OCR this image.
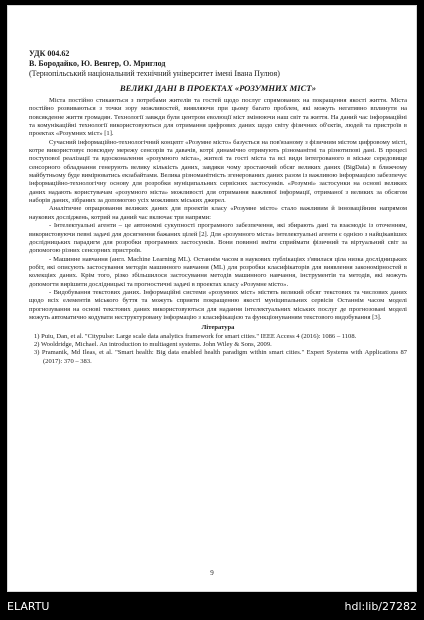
УДК 004.62

В. Бородайко, Ю. Венгер, О. Мриглод

(Тернопільський національний технічний університет імені Івана Пулюя)

ВЕЛИКІ ДАНІ В ПРОЕКТАХ «РОЗУМНИХ МІСТ»

Міста постійно стикаються з потребами жителів та гостей щодо послуг спрямованих на покращення якості життя. Міста постійно розвиваються з точки зору можливостей, виявляючи при цьому багато проблем, які можуть негативно вплинути на повсякденне життя громадян. Технології завжди були центром еволюції міст змінюючи наш світ та життя. На даний час інформаційні та комунікаційні технології використовуються для отримання цифрових даних щодо світу фізичних об'єктів, людей та пристроїв в проектах «Розумних міст» [1].

Сучасний інформаційно-технологічний концепт «Розумне місто» базується на пов'язаному з фізичним містом цифровому місті, котре використовує повсюдну мережу сенсорів та давачів, котрі динамічно отримують різноманітні та різнотипові дані. В процесі поступової реалізації та вдосконалення «розумного міста», жителі та гості міста та всі види інтегрованого в міське середовище сенсорного обладнання генерують велику кількість даних, завдяки чому зростаючий обсяг великих даних (BigData) в ближчому майбутньому буде вимірюватись екзабайтами. Велика різноманітність згенерованих даних разом із важливою інформацією забезпечує інформаційно-технологічну основу для розробки муніципальних сервісних застосунків. «Розумні» застосунки на основі великих даних надають користувачам «розумного міста» можливості для отримання важливої інформації, отриманої з великих за обсягом наборів даних, зібраних за допомогою усіх можливих міських джерел.

Аналітичне опрацювання великих даних для проектів класу «Розумне місто» стало важливим й інноваційним напрямом наукових досліджень, котрий на даний час включає три напрями:

- Інтелектуальні агенти – це автономні сукупності програмного забезпечення, які збирають дані та взаємодіє із оточенням, використовуючи певні задачі для досягнення бажаних цілей [2]. Для «розумного міста» інтелектуальні агенти є однією з найцікавіших дослідницьких парадигм для розробки програмних застосунків. Вони повинні вміти сприймати фізичний та віртуальний світ за допомогою різних сенсорних пристроїв.

- Машинне навчання (англ. Machine Learning ML). Останнім часом в наукових публікаціях з'явилася ціла низка дослідницьких робіт, які описують застосування методів машинного навчання (ML) для розробки класифікаторів для виявлення закономірностей в колекціях даних. Крім того, різко збільшилося застосування методів машинного навчання, інструментів та методів, які можуть допомогти вирішити дослідницькі та прогностичні задачі в проектах класу «Розумне місто».

- Видобування текстових даних. Інформаційні системи «розумних міст» містять великий обсяг текстових та числових даних щодо всіх елементів міського буття та можуть сприяти покращенню якості муніципальних сервісів Останнім часом моделі прогнозування на основі текстових даних використовуються для надання інтелектуальних міських послуг де прогнозовані моделі можуть автоматично кодувати неструктуровану інформацію з класифікацією та функціонуванням текстового видобування [3].

Література

1) Puiu, Dan, et al. "Citypulse: Large scale data analytics framework for smart cities." IEEE Access 4 (2016): 1086 – 1108.

2) Wooldridge, Michael. An introduction to multiagent systems. John Wiley & Sons, 2009.

3) Pramanik, Md Ileas, et al. "Smart health: Big data enabled health paradigm within smart cities." Expert Systems with Applications 87 (2017): 370 – 383.

9
ELARTU	hdl:lib/27282
